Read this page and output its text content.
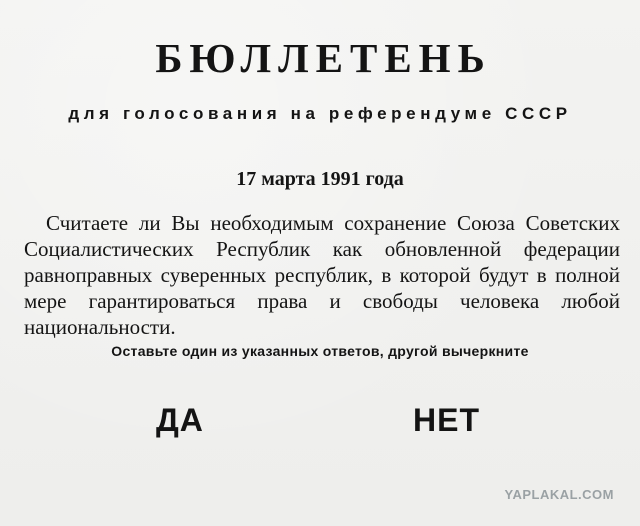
БЮЛЛЕТЕНЬ
для голосования на референдуме СССР
17 марта 1991 года
Считаете ли Вы необходимым сохранение Союза Советских Социалистических Республик как обновленной федерации равноправных суверенных республик, в которой будут в полной мере гарантироваться права и свободы человека любой национальности.
Оставьте один из указанных ответов, другой вычеркните
ДА	НЕТ
YAPLAKAL.COM
